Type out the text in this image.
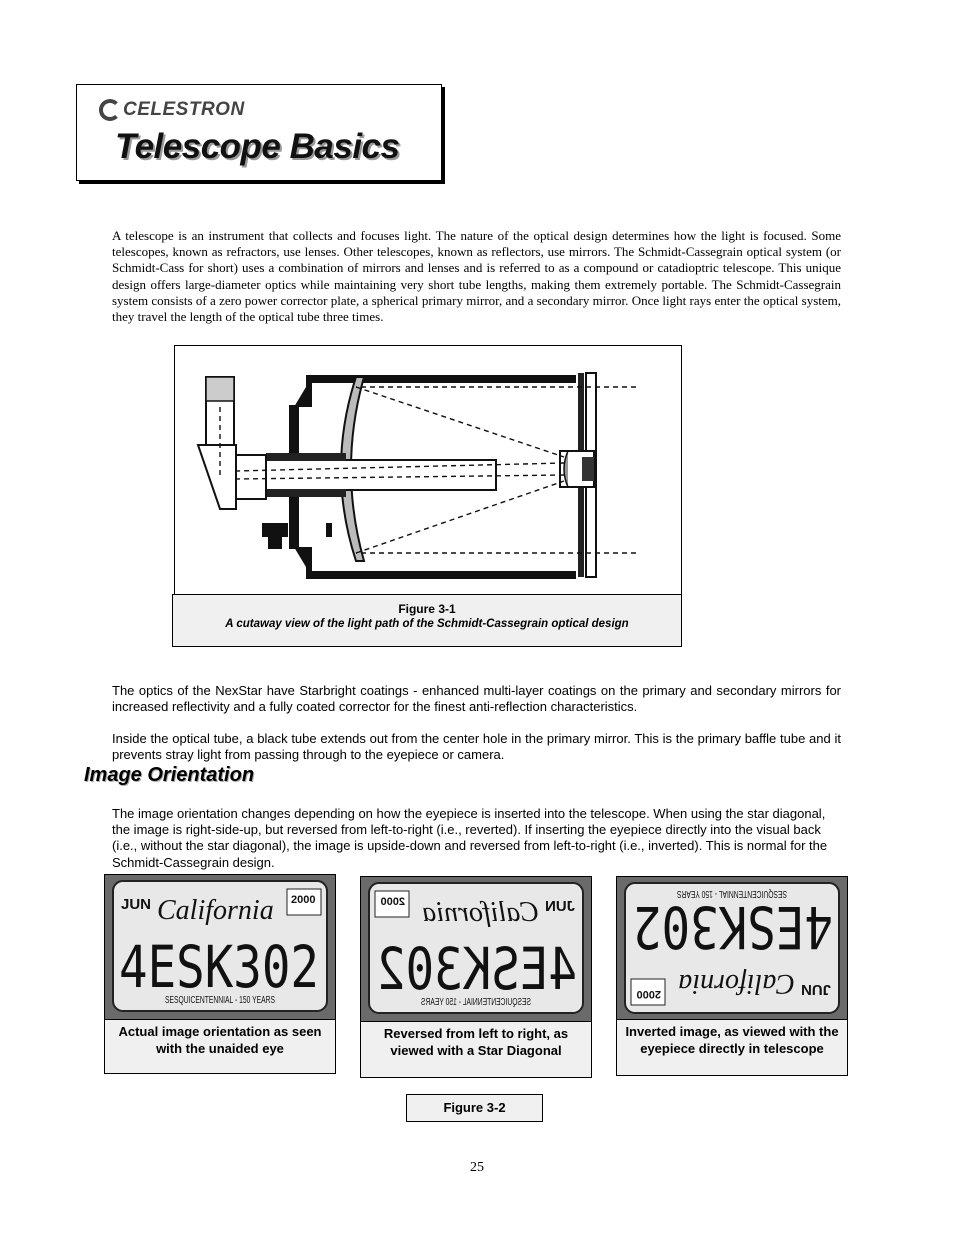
CELESTRON
Telescope Basics
A telescope is an instrument that collects and focuses light. The nature of the optical design determines how the light is focused. Some telescopes, known as refractors, use lenses. Other telescopes, known as reflectors, use mirrors. The Schmidt-Cassegrain optical system (or Schmidt-Cass for short) uses a combination of mirrors and lenses and is referred to as a compound or catadioptric telescope. This unique design offers large-diameter optics while maintaining very short tube lengths, making them extremely portable. The Schmidt-Cassegrain system consists of a zero power corrector plate, a spherical primary mirror, and a secondary mirror. Once light rays enter the optical system, they travel the length of the optical tube three times.
Figure 3-1
A cutaway view of the light path of the Schmidt-Cassegrain optical design
The optics of the NexStar have Starbright coatings - enhanced multi-layer coatings on the primary and secondary mirrors for increased reflectivity and a fully coated corrector for the finest anti-reflection characteristics.
Inside the optical tube, a black tube extends out from the center hole in the primary mirror. This is the primary baffle tube and it prevents stray light from passing through to the eyepiece or camera.
Image Orientation
The image orientation changes depending on how the eyepiece is inserted into the telescope. When using the star diagonal, the image is right-side-up, but reversed from left-to-right (i.e., reverted). If inserting the eyepiece directly into the visual back (i.e., without the star diagonal), the image is upside-down and reversed from left-to-right (i.e., inverted). This is normal for the Schmidt-Cassegrain design.
JUN California 2000
4ESK302
SESQUICENTENNIAL - 150 YEARS
Actual image orientation as seen with the unaided eye
JUN
California
2000
4ESK302
SESQUICENTENNIAL - 150 YEARS
Reversed from left to right, as viewed with a Star Diagonal
JUN
California
2000
4ESK302
SESQUICENTENNIAL - 150 YEARS
Inverted image, as viewed with the eyepiece directly in telescope
Figure 3-2
25
